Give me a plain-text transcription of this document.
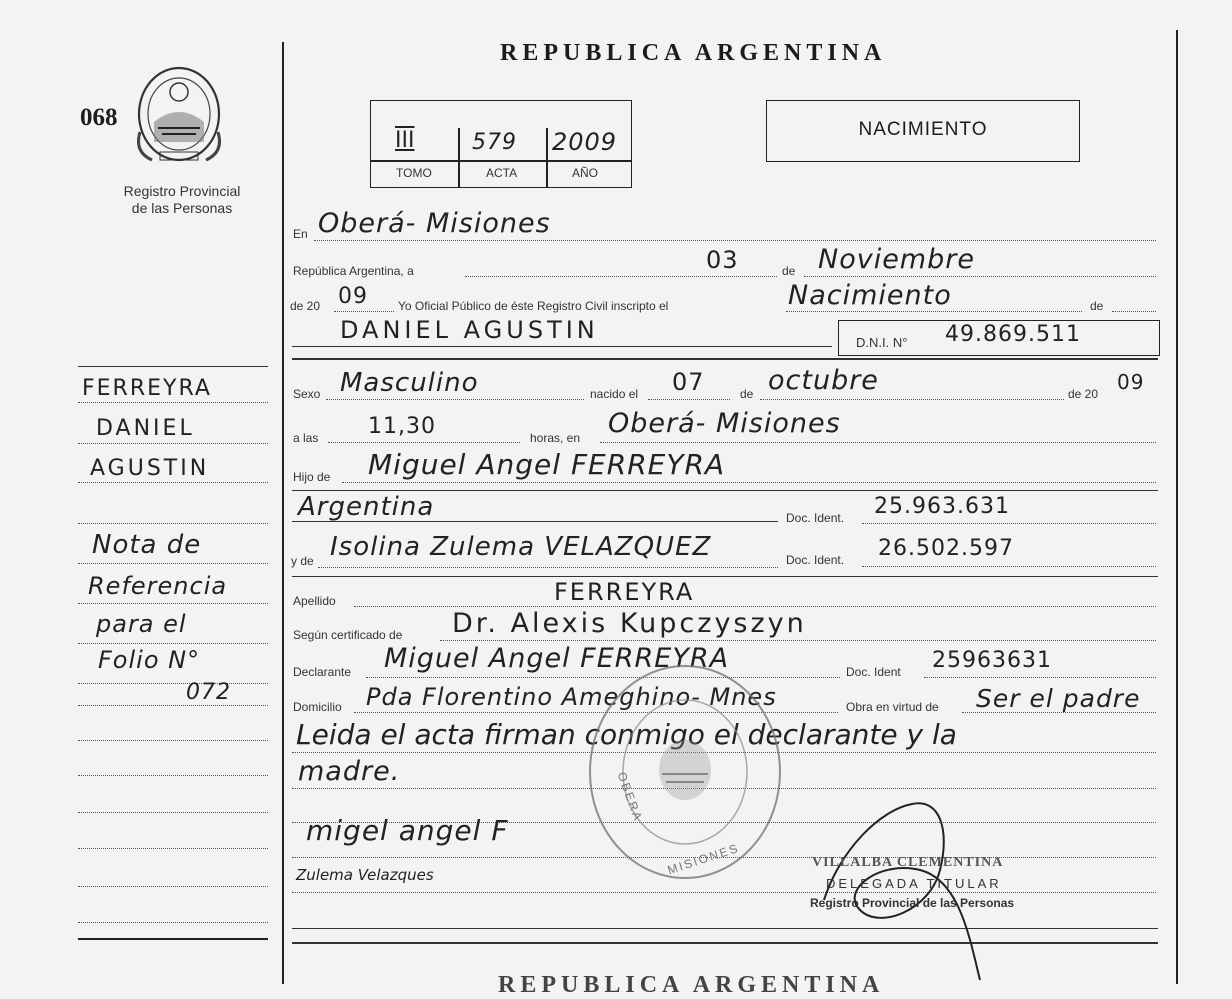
068
Registro Provincial
de las Personas
FERREYRA
DANIEL
AGUSTIN
Nota de
Referencia
para el
Folio N°
072
REPUBLICA ARGENTINA
NACIMIENTO
III	579 2009
TOMO	ACTA	AÑO
En Oberá- Misiones
República Argentina, a	03	de Noviembre
de 20 09	Yo Oficial Público de éste Registro Civil inscripto el	Nacimiento	de
DANIEL AGUSTIN	D.N.I. N° 49.869.511
Sexo Masculino	nacido el 07	de octubre	de 20 09
a las 11,30	horas, en Oberá- Misiones
Hijo de Miguel Angel FERREYRA
Argentina	Doc. Ident. 25.963.631
y de Isolina Zulema VELAZQUEZ	Doc. Ident. 26.502.597
Apellido	FERREYRA
Según certificado de Dr. Alexis Kupczyszyn
Declarante Miguel Angel FERREYRA	Doc. Ident 25963631
Domicilio Pda Florentino Ameghino- Mnes	Obra en virtud de Ser el padre
Leida el acta firman conmigo el declarante y la
madre.
migel angel F
Zulema Velazques
OBERA
MISIONES	VILLALBA CLEMENTINA
DELEGADA TITULAR
Registro Provincial de las Personas
REPUBLICA ARGENTINA
